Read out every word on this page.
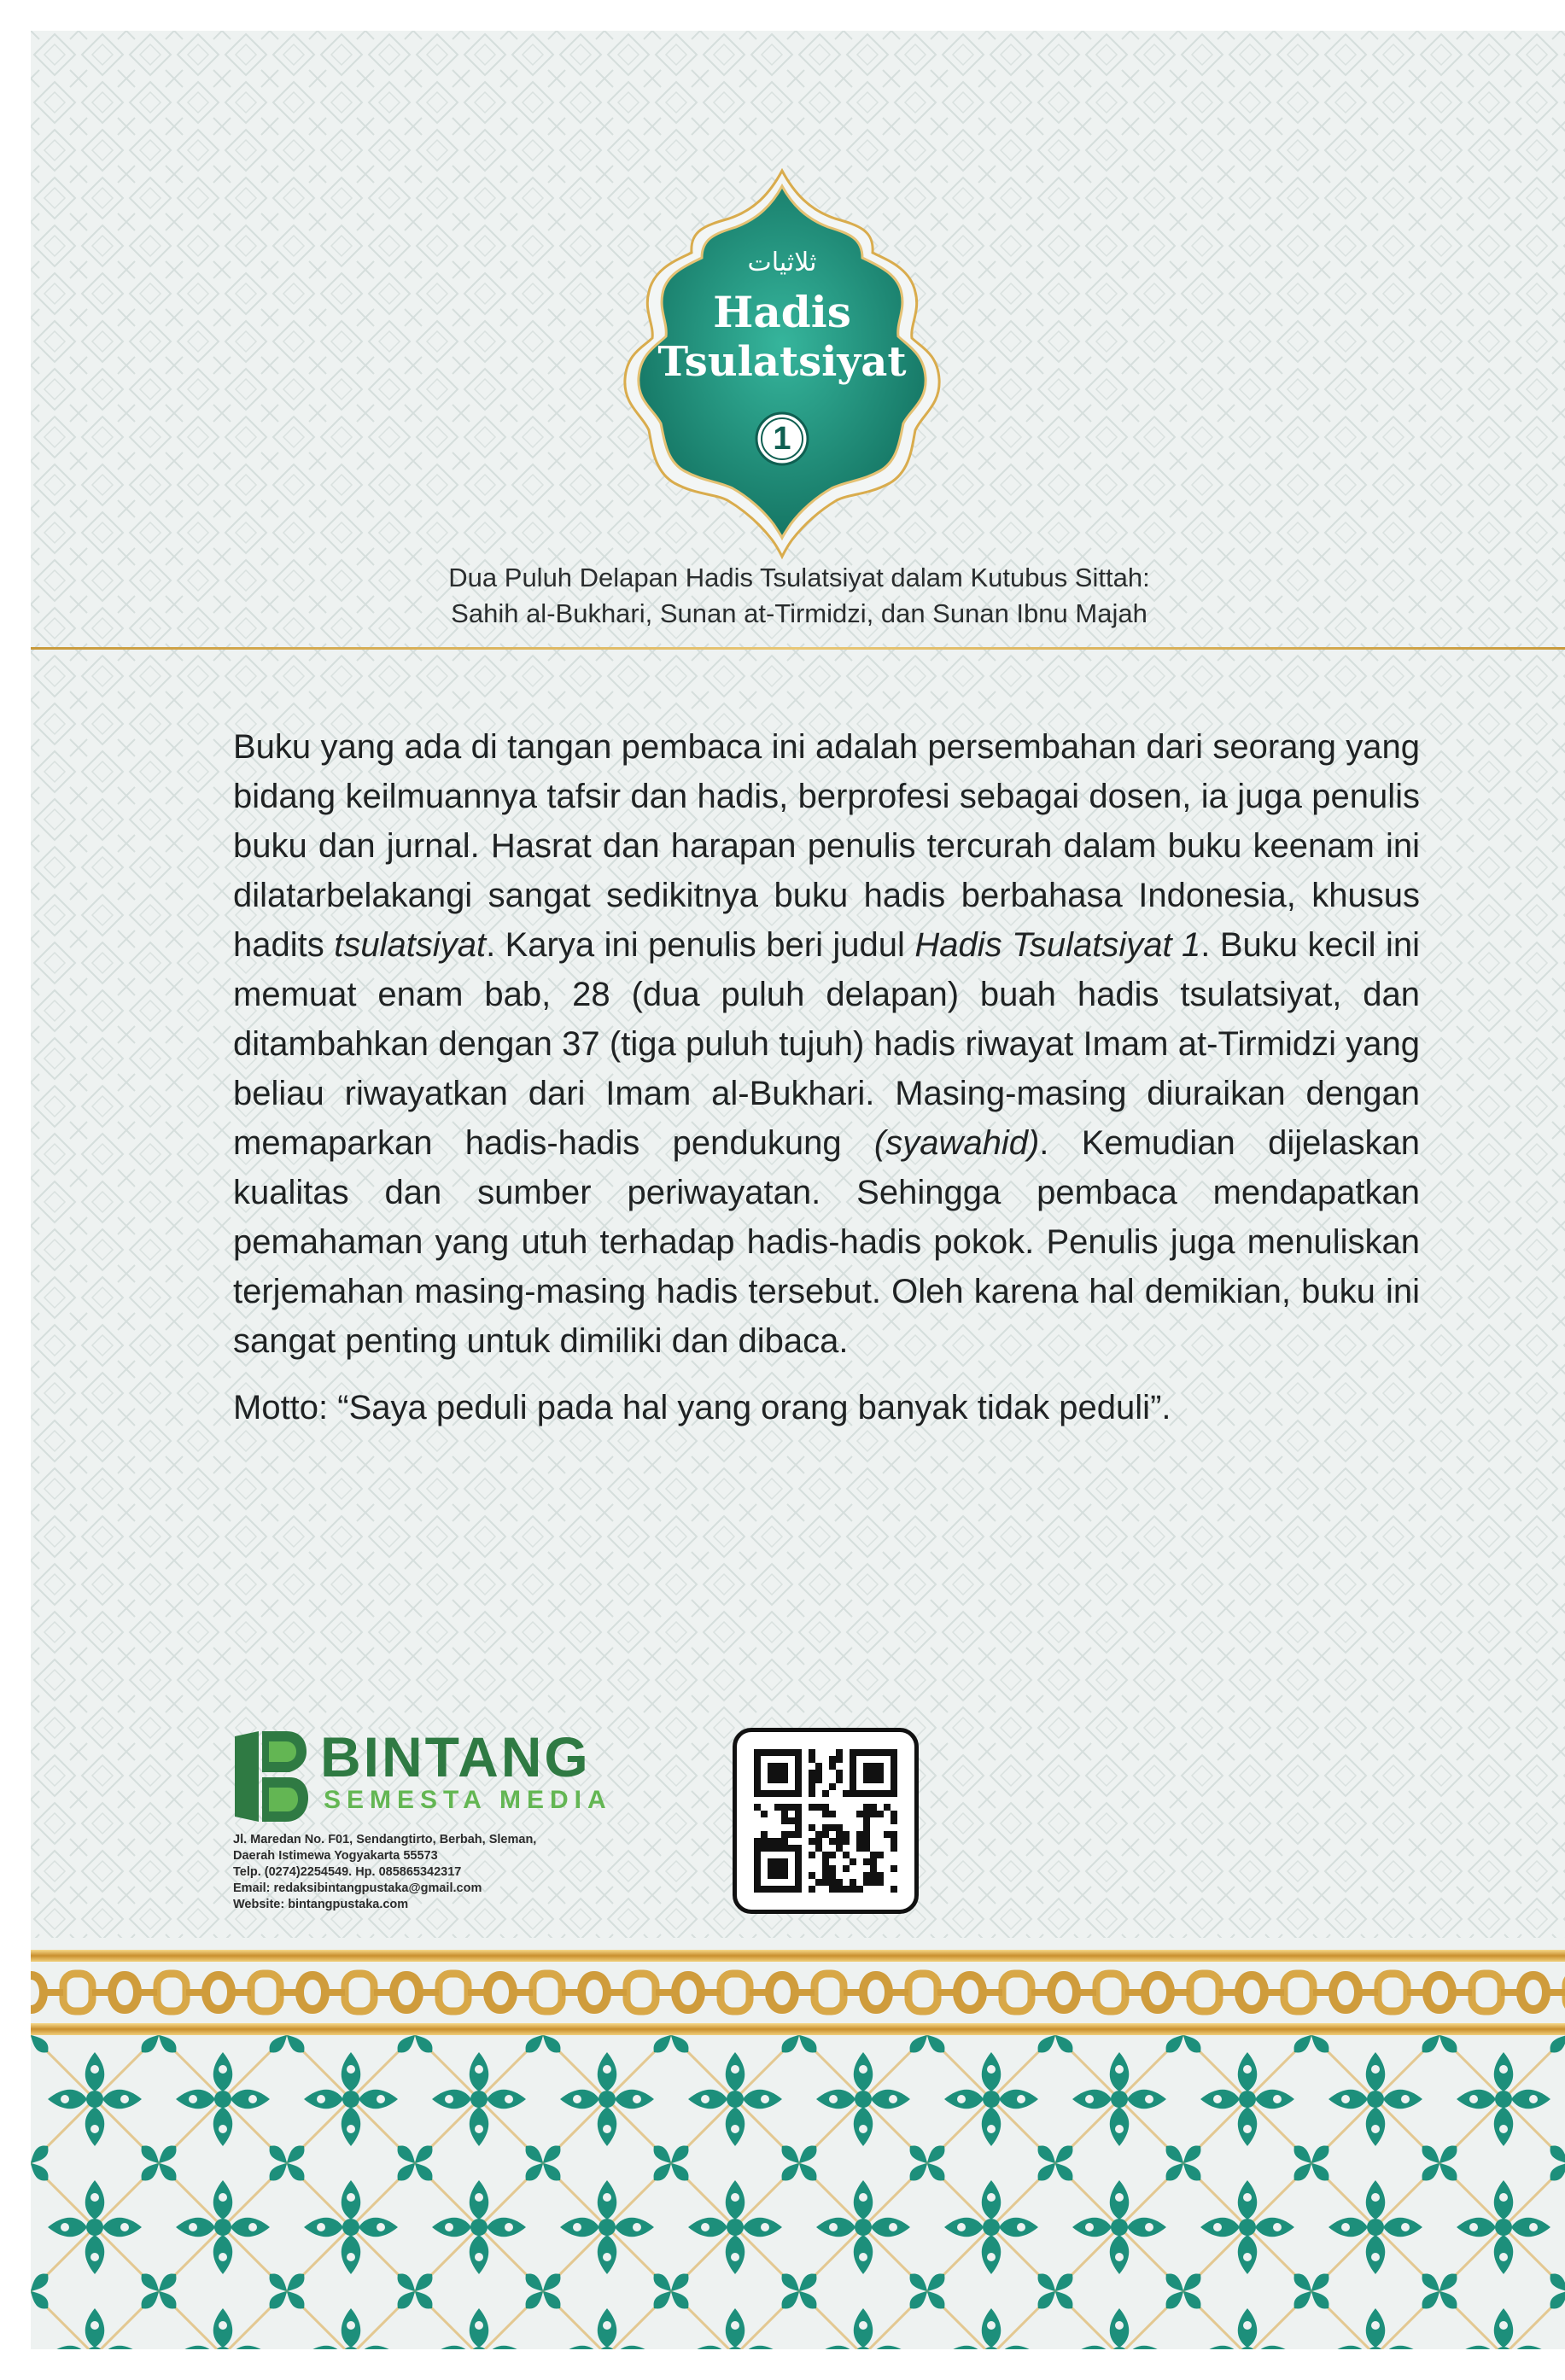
ثلاثيات
Hadis
Tsulatsiyat
1
Dua Puluh Delapan Hadis Tsulatsiyat dalam Kutubus Sittah:
Sahih al-Bukhari, Sunan at-Tirmidzi, dan Sunan Ibnu Majah

Buku yang ada di tangan pembaca ini adalah persembahan dari seorang yang bidang keilmuannya tafsir dan hadis, berprofesi sebagai dosen, ia juga penulis buku dan jurnal. Hasrat dan harapan penulis tercurah dalam buku keenam ini dilatarbelakangi sangat sedikitnya buku hadis berbahasa Indonesia, khusus hadits tsulatsiyat. Karya ini penulis beri judul Hadis Tsulatsiyat 1. Buku kecil ini memuat enam bab, 28 (dua puluh delapan) buah hadis tsulatsiyat, dan ditambahkan dengan 37 (tiga puluh tujuh) hadis riwayat Imam at-Tirmidzi yang beliau riwayatkan dari Imam al-Bukhari. Masing-masing diuraikan dengan memaparkan hadis-hadis pendukung (syawahid). Kemudian dijelaskan kualitas dan sumber periwayatan. Sehingga pembaca mendapatkan pemahaman yang utuh terhadap hadis-hadis pokok. Penulis juga menuliskan terjemahan masing-masing hadis tersebut. Oleh karena hal demikian, buku ini sangat penting untuk dimiliki dan dibaca.

Motto: “Saya peduli pada hal yang orang banyak tidak peduli”.

BINTANG
SEMESTA MEDIA
Jl. Maredan No. F01, Sendangtirto, Berbah, Sleman,
Daerah Istimewa Yogyakarta 55573
Telp. (0274)2254549. Hp. 085865342317
Email: redaksibintangpustaka@gmail.com
Website: bintangpustaka.com
